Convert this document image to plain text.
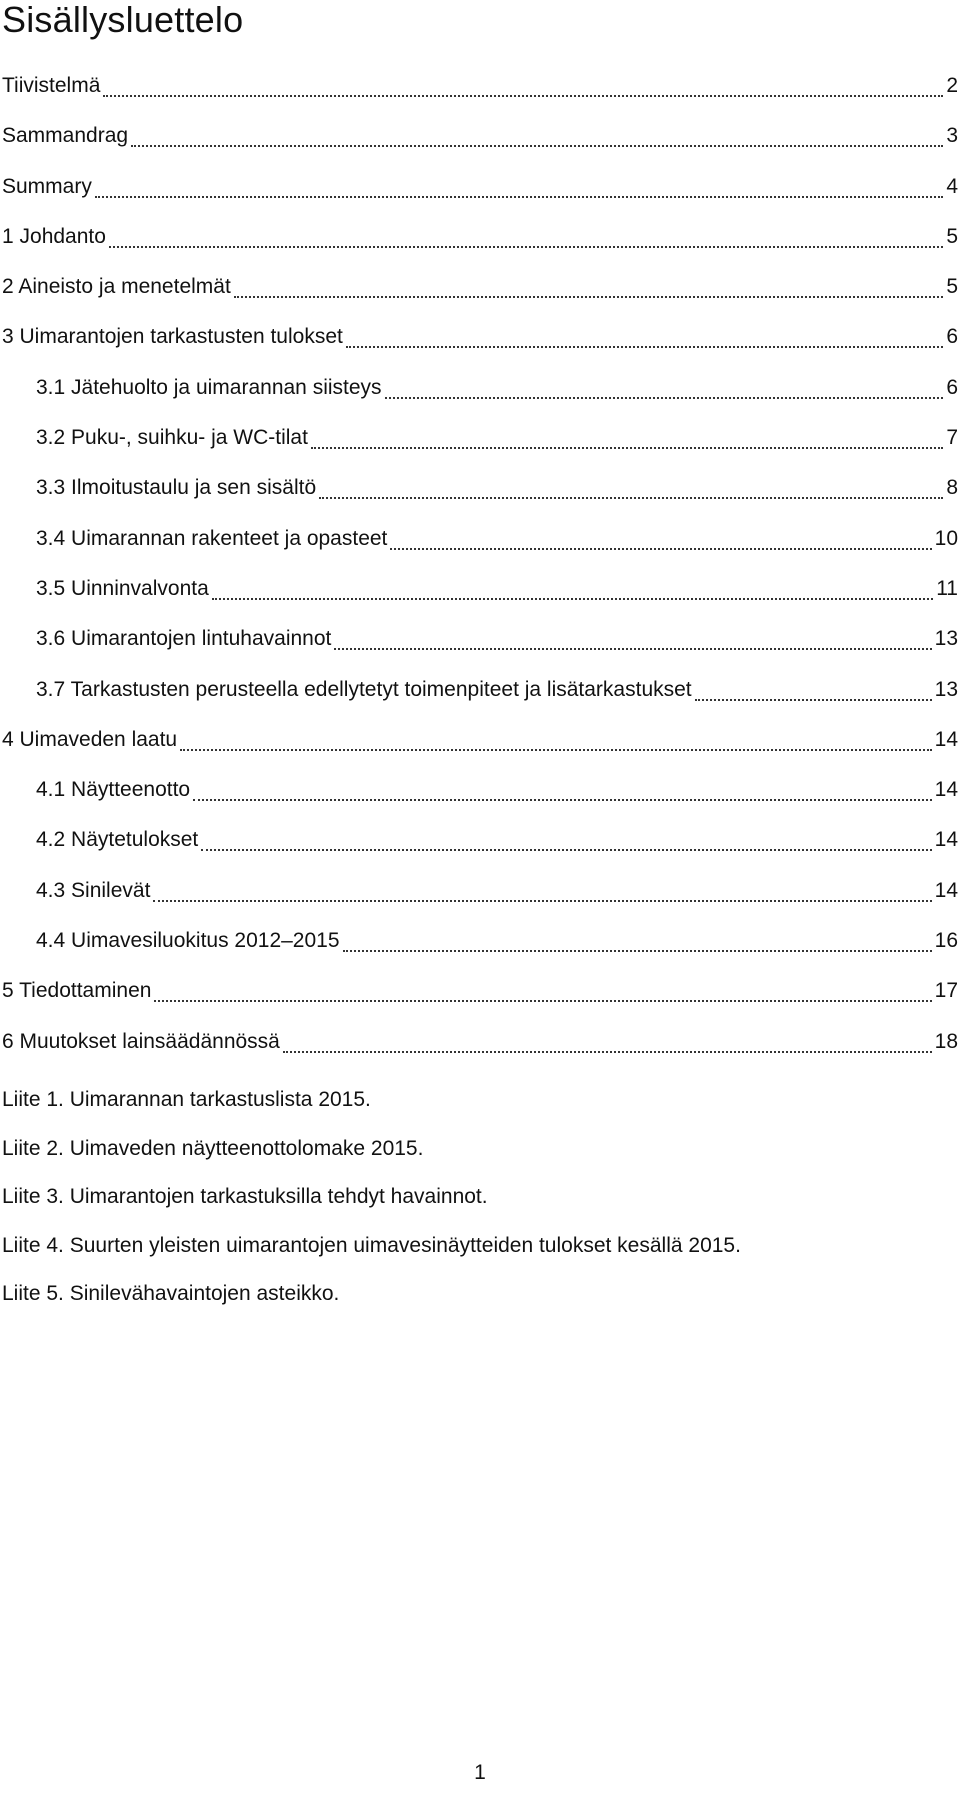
Sisällysluettelo
Tiivistelmä	2
Sammandrag	3
Summary	4
1 Johdanto	5
2 Aineisto ja menetelmät	5
3 Uimarantojen tarkastusten tulokset	6
3.1 Jätehuolto ja uimarannan siisteys	6
3.2 Puku-, suihku- ja WC-tilat	7
3.3 Ilmoitustaulu ja sen sisältö	8
3.4 Uimarannan rakenteet ja opasteet	10
3.5 Uinninvalvonta	11
3.6 Uimarantojen lintuhavainnot	13
3.7 Tarkastusten perusteella edellytetyt toimenpiteet ja lisätarkastukset	13
4 Uimaveden laatu	14
4.1 Näytteenotto	14
4.2 Näytetulokset	14
4.3 Sinilevät	14
4.4 Uimavesiluokitus 2012–2015	16
5 Tiedottaminen	17
6 Muutokset lainsäädännössä	18
Liite 1. Uimarannan tarkastuslista 2015.
Liite 2. Uimaveden näytteenottolomake 2015.
Liite 3. Uimarantojen tarkastuksilla tehdyt havainnot.
Liite 4. Suurten yleisten uimarantojen uimavesinäytteiden tulokset kesällä 2015.
Liite 5. Sinilevähavaintojen asteikko.
1
